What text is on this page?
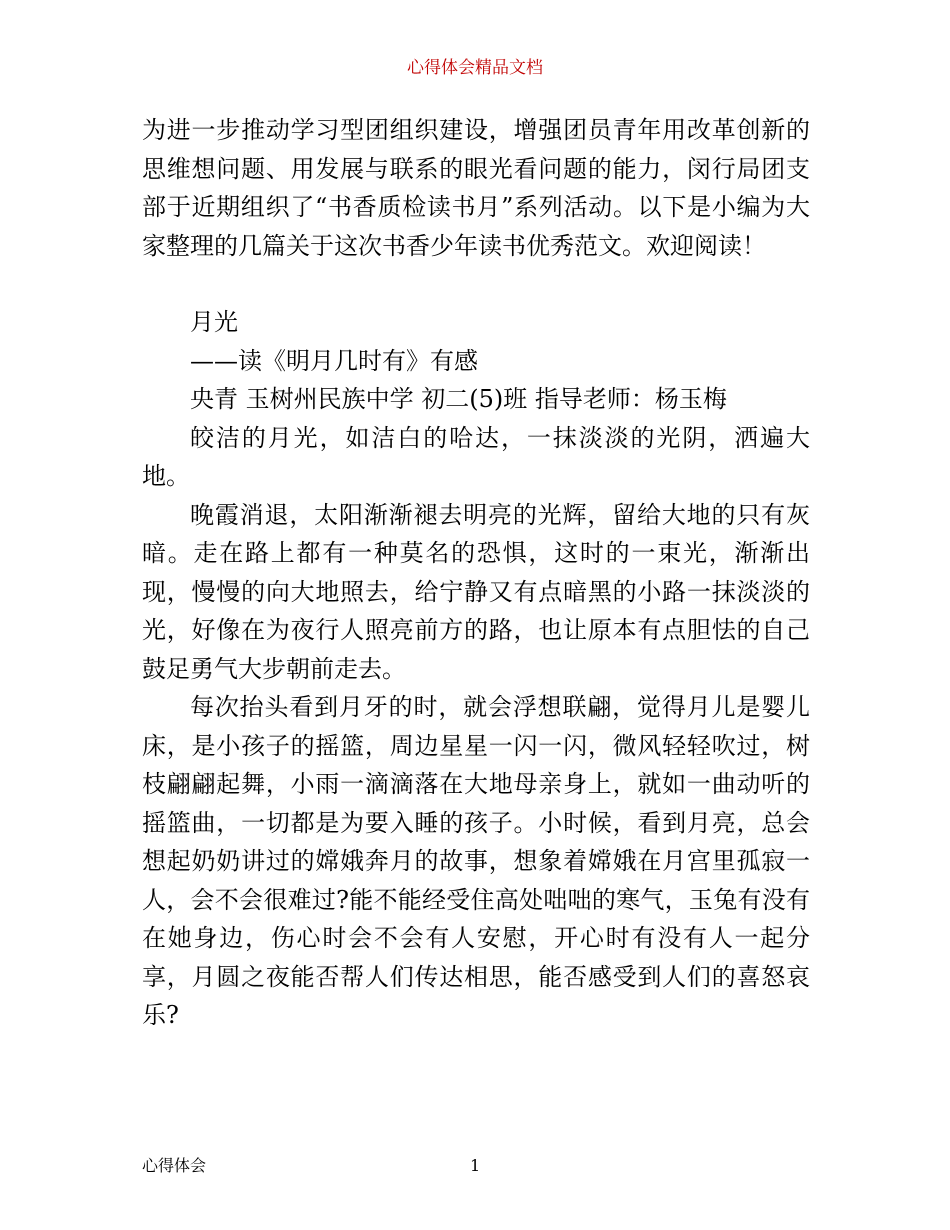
心得体会精品文档

为进一步推动学习型团组织建设，增强团员青年用改革创新的思维想问题、用发展与联系的眼光看问题的能力，闵行局团支部于近期组织了“书香质检读书月”系列活动。以下是小编为大家整理的几篇关于这次书香少年读书优秀范文。欢迎阅读！

月光

——读《明月几时有》有感

央青 玉树州民族中学 初二(5)班 指导老师：杨玉梅

皎洁的月光，如洁白的哈达，一抹淡淡的光阴，洒遍大地。

晚霞消退，太阳渐渐褪去明亮的光辉，留给大地的只有灰暗。走在路上都有一种莫名的恐惧，这时的一束光，渐渐出现，慢慢的向大地照去，给宁静又有点暗黑的小路一抹淡淡的光，好像在为夜行人照亮前方的路，也让原本有点胆怯的自己鼓足勇气大步朝前走去。

每次抬头看到月牙的时，就会浮想联翩，觉得月儿是婴儿床，是小孩子的摇篮，周边星星一闪一闪，微风轻轻吹过，树枝翩翩起舞，小雨一滴滴落在大地母亲身上，就如一曲动听的摇篮曲，一切都是为要入睡的孩子。小时候，看到月亮，总会想起奶奶讲过的嫦娥奔月的故事，想象着嫦娥在月宫里孤寂一人，会不会很难过?能不能经受住高处咄咄的寒气，玉兔有没有在她身边，伤心时会不会有人安慰，开心时有没有人一起分享，月圆之夜能否帮人们传达相思，能否感受到人们的喜怒哀乐?

心得体会	1
